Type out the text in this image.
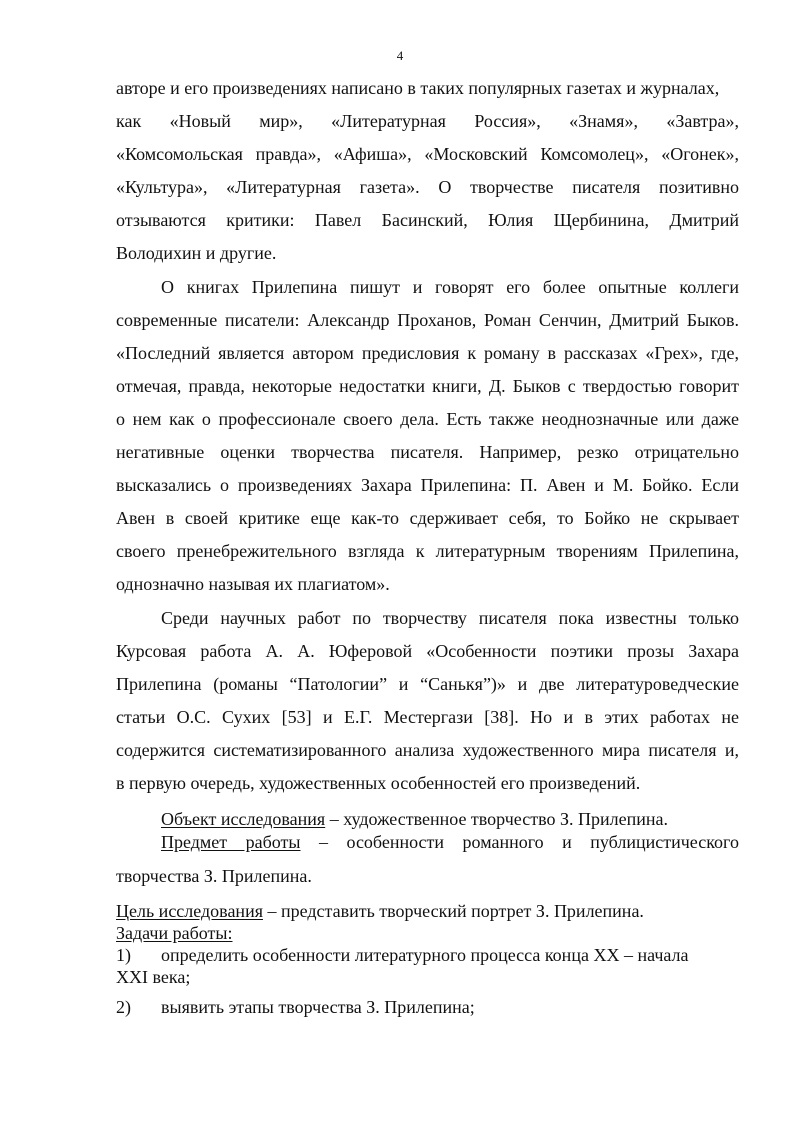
4

авторе и его произведениях написано в таких популярных газетах и журналах,

как «Новый мир», «Литературная Россия», «Знамя», «Завтра»,

«Комсомольская правда», «Афиша», «Московский Комсомолец», «Огонек»,

«Культура», «Литературная газета». О творчестве писателя позитивно

отзываются критики: Павел Басинский, Юлия Щербинина, Дмитрий

Володихин и другие.

О книгах Прилепина пишут и говорят его более опытные коллеги

современные писатели: Александр Проханов, Роман Сенчин, Дмитрий Быков.

«Последний является автором предисловия к роману в рассказах «Грех», где,

отмечая, правда, некоторые недостатки книги, Д. Быков с твердостью говорит

о нем как о профессионале своего дела. Есть также неоднозначные или даже

негативные оценки творчества писателя. Например, резко отрицательно

высказались о произведениях Захара Прилепина: П. Авен и М. Бойко. Если

Авен в своей критике еще как-то сдерживает себя, то Бойко не скрывает

своего пренебрежительного взгляда к литературным творениям Прилепина,

однозначно называя их плагиатом».

Среди научных работ по творчеству писателя пока известны только

Курсовая работа А. А. Юферовой «Особенности поэтики прозы Захара

Прилепина (романы “Патологии” и “Санькя”)» и две литературоведческие

статьи О.С. Сухих [53] и Е.Г. Местергази [38]. Но и в этих работах не

содержится систематизированного анализа художественного мира писателя и,

в первую очередь, художественных особенностей его произведений.

Объект исследования – художественное творчество З. Прилепина.

Предмет работы – особенности романного и публицистического

творчества З. Прилепина.

Цель исследования – представить творческий портрет З. Прилепина.

Задачи работы:

1)	определить особенности литературного процесса конца XX – начала
XXI века;
2)	выявить этапы творчества З. Прилепина;
